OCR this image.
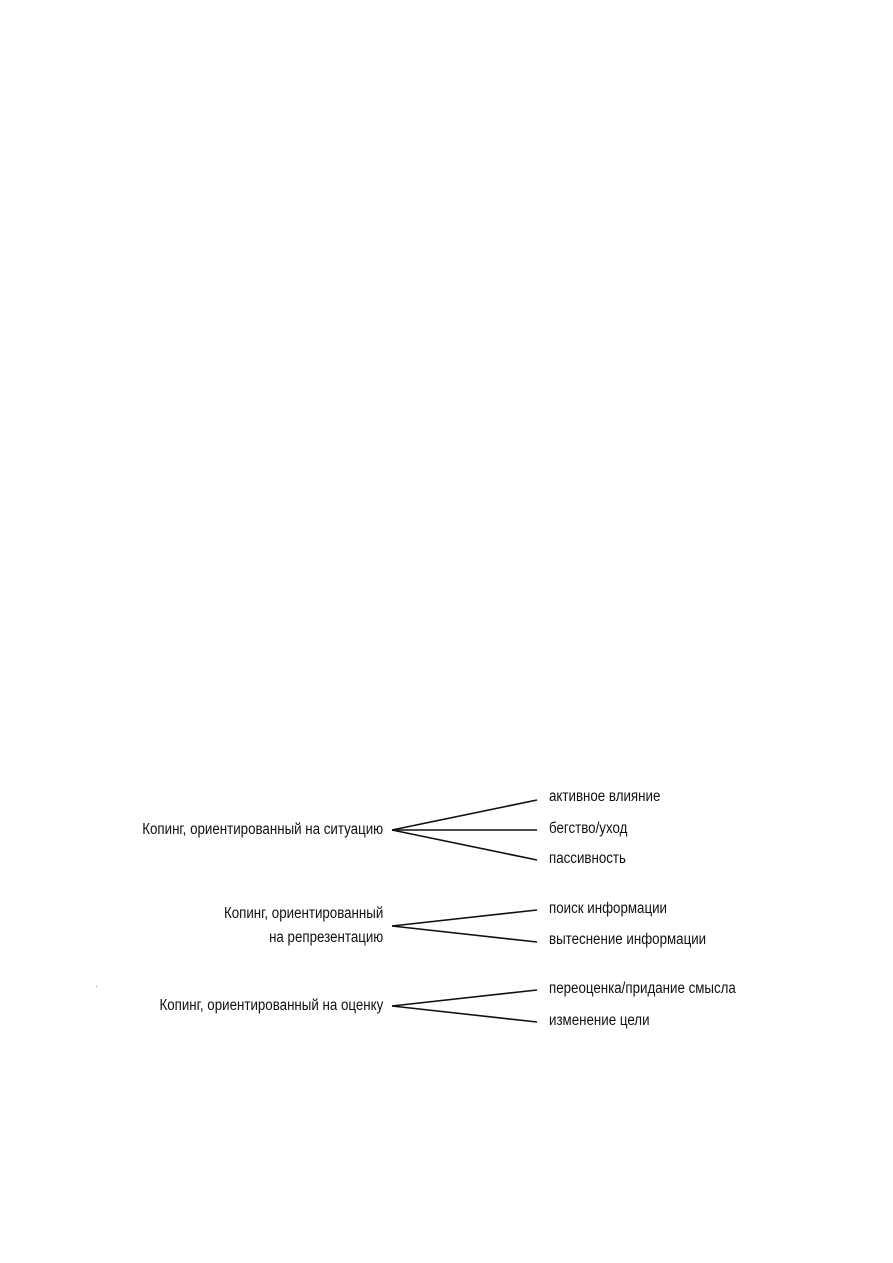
Копинг, ориентированный на ситуацию
активное влияние
бегство/уход
пассивность
Копинг, ориентированный
на репрезентацию
поиск информации
вытеснение информации
Копинг, ориентированный на оценку
переоценка/придание смысла
изменение цели
